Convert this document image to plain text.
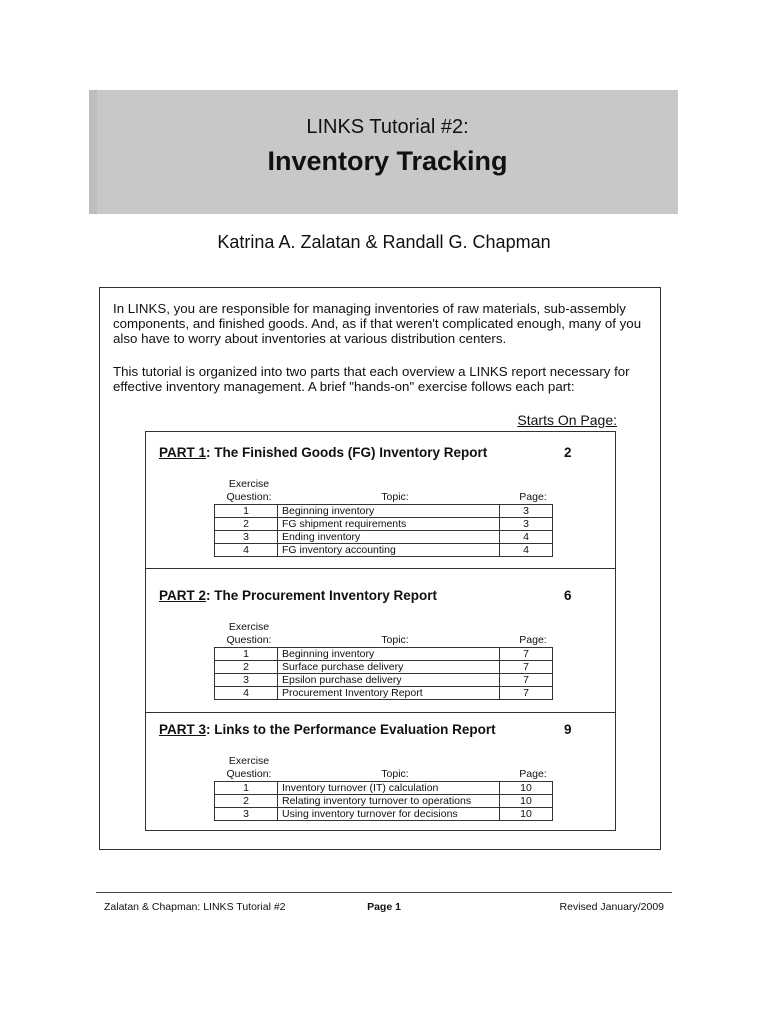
LINKS Tutorial #2:
Inventory Tracking
Katrina A. Zalatan & Randall G. Chapman

In LINKS, you are responsible for managing inventories of raw materials, sub-assembly components, and finished goods. And, as if that weren't complicated enough, many of you also have to worry about inventories at various distribution centers.

This tutorial is organized into two parts that each overview a LINKS report necessary for effective inventory management. A brief "hands-on" exercise follows each part:

Starts On Page:
PART 1: The Finished Goods (FG) Inventory Report	2
Exercise
Question:	Topic:	Page:
1	Beginning inventory	3
2	FG shipment requirements	3
3	Ending inventory	4
4	FG inventory accounting	4
PART 2: The Procurement Inventory Report	6
Exercise
Question:	Topic:	Page:
1	Beginning inventory	7
2	Surface purchase delivery	7
3	Epsilon purchase delivery	7
4	Procurement Inventory Report	7
PART 3: Links to the Performance Evaluation Report	9
Exercise
Question:	Topic:	Page:
1	Inventory turnover (IT) calculation	10
2	Relating inventory turnover to operations	10
3	Using inventory turnover for decisions	10
Zalatan & Chapman: LINKS Tutorial #2	Page 1	Revised January/2009
